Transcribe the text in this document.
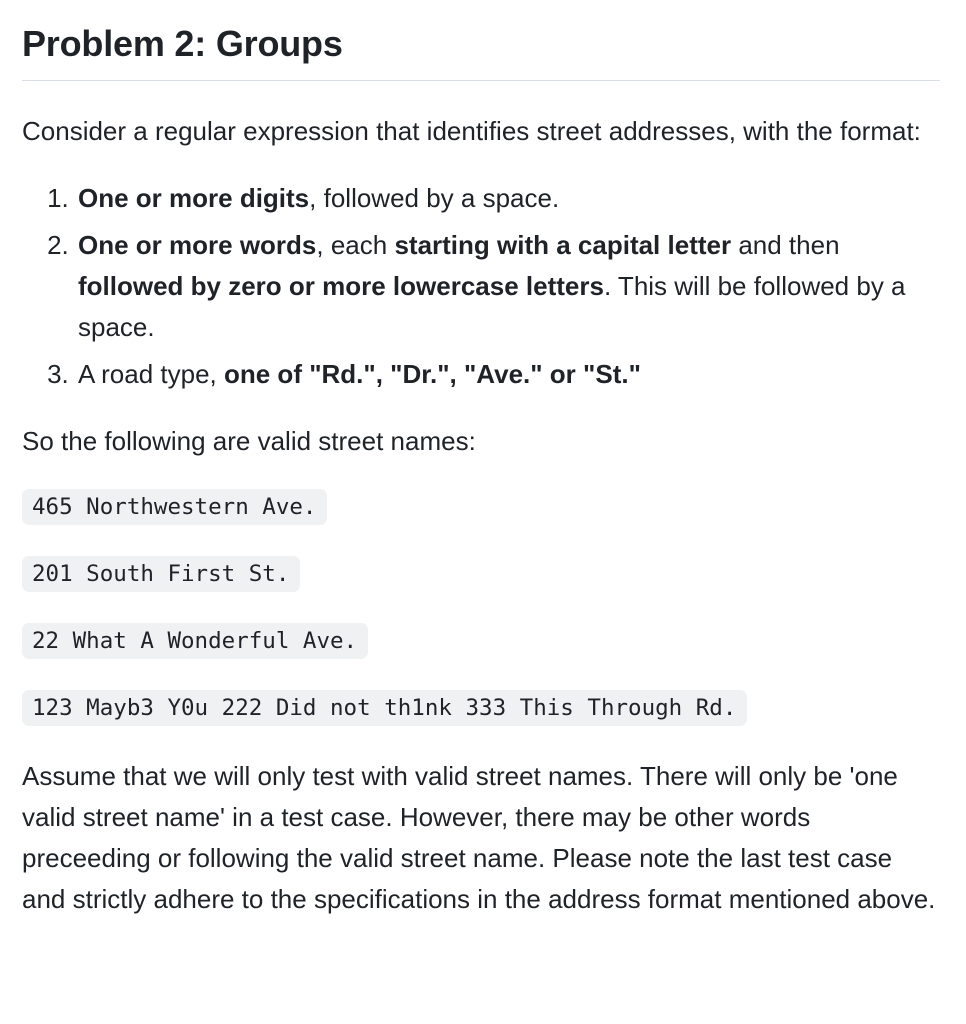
Problem 2: Groups

Consider a regular expression that identifies street addresses, with the format:

1. One or more digits, followed by a space.
2. One or more words, each starting with a capital letter and then followed by zero or more lowercase letters. This will be followed by a space.
3. A road type, one of "Rd.", "Dr.", "Ave." or "St."

So the following are valid street names:

465 Northwestern Ave.
201 South First St.
22 What A Wonderful Ave.
123 Mayb3 Y0u 222 Did not th1nk 333 This Through Rd.

Assume that we will only test with valid street names. There will only be 'one valid street name' in a test case. However, there may be other words preceeding or following the valid street name. Please note the last test case and strictly adhere to the specifications in the address format mentioned above.
